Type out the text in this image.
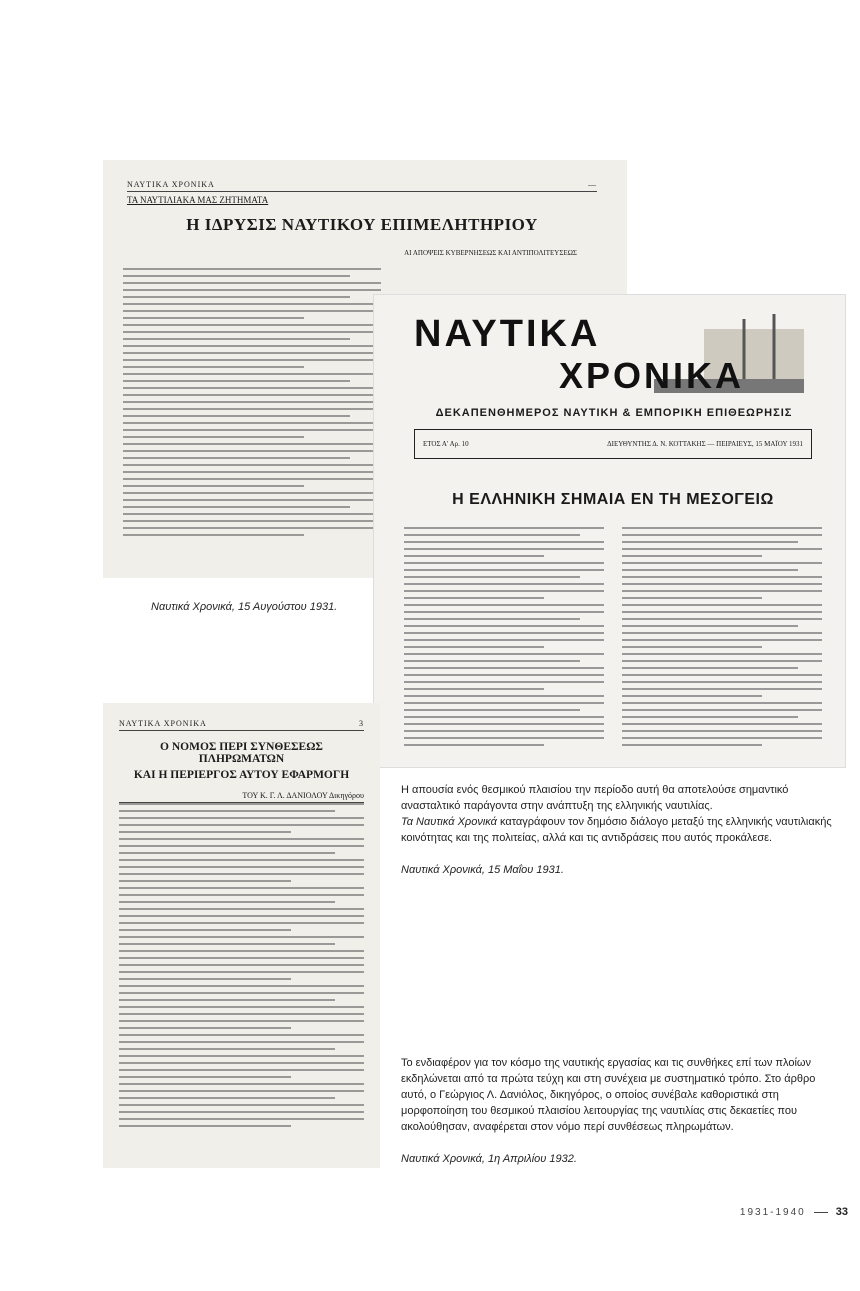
ΝΑΥΤΙΚΑ ΧΡΟΝΙΚΑ	—
ΤΑ ΝΑΥΤΙΛΙΑΚΑ ΜΑΣ ΖΗΤΗΜΑΤΑ
Η ΙΔΡΥΣΙΣ ΝΑΥΤΙΚΟΥ ΕΠΙΜΕΛΗΤΗΡΙΟΥ
ΑΙ ΑΠΟΨΕΙΣ ΚΥΒΕΡΝΗΣΕΩΣ ΚΑΙ ΑΝΤΙΠΟΛΙΤΕΥΣΕΩΣ
ΝΑΥΤΙΚΑ
ΧΡΟΝΙΚΑ
ΔΕΚΑΠΕΝΘΗΜΕΡΟΣ ΝΑΥΤΙΚΗ & ΕΜΠΟΡΙΚΗ ΕΠΙΘΕΩΡΗΣΙΣ
ΕΤΟΣ Α' Αρ. 10	ΔΙΕΥΘΥΝΤΗΣ Δ. Ν. ΚΟΤΤΑΚΗΣ — ΠΕΙΡΑΙΕΥΣ, 15 ΜΑΪΟΥ 1931
Η ΕΛΛΗΝΙΚΗ ΣΗΜΑΙΑ ΕΝ ΤΗ ΜΕΣΟΓΕΙΩ
Ναυτικά Χρονικά, 15 Αυγούστου 1931.
ΝΑΥΤΙΚΑ ΧΡΟΝΙΚΑ	3
Ο ΝΟΜΟΣ ΠΕΡΙ ΣΥΝΘΕΣΕΩΣ ΠΛΗΡΩΜΑΤΩΝ
ΚΑΙ Η ΠΕΡΙΕΡΓΟΣ ΑΥΤΟΥ ΕΦΑΡΜΟΓΗ
ΤΟΥ Κ. Γ. Λ. ΔΑΝΙΟΛΟΥ Δικηγόρου	Η απουσία ενός θεσμικού πλαισίου την περίοδο αυτή θα αποτελούσε σημαντικό ανασταλτικό παράγοντα στην ανάπτυξη της ελληνικής ναυτιλίας.
Τα Ναυτικά Χρονικά καταγράφουν τον δημόσιο διάλογο μεταξύ της ελληνικής ναυτιλιακής κοινότητας και της πολιτείας, αλλά και τις αντιδράσεις που αυτός προκάλεσε.
Ναυτικά Χρονικά, 15 Μαΐου 1931.
Το ενδιαφέρον για τον κόσμο της ναυτικής εργασίας και τις συνθήκες επί των πλοίων εκδηλώνεται από τα πρώτα τεύχη και στη συνέχεια με συστηματικό τρόπο. Στο άρθρο αυτό, ο Γεώργιος Λ. Δανιόλος, δικηγόρος, ο οποίος συνέβαλε καθοριστικά στη μορφοποίηση του θεσμικού πλαισίου λειτουργίας της ναυτιλίας στις δεκαετίες που ακολούθησαν, αναφέρεται στον νόμο περί συνθέσεως πληρωμάτων.
Ναυτικά Χρονικά, 1η Απριλίου 1932.
1931-1940	33
